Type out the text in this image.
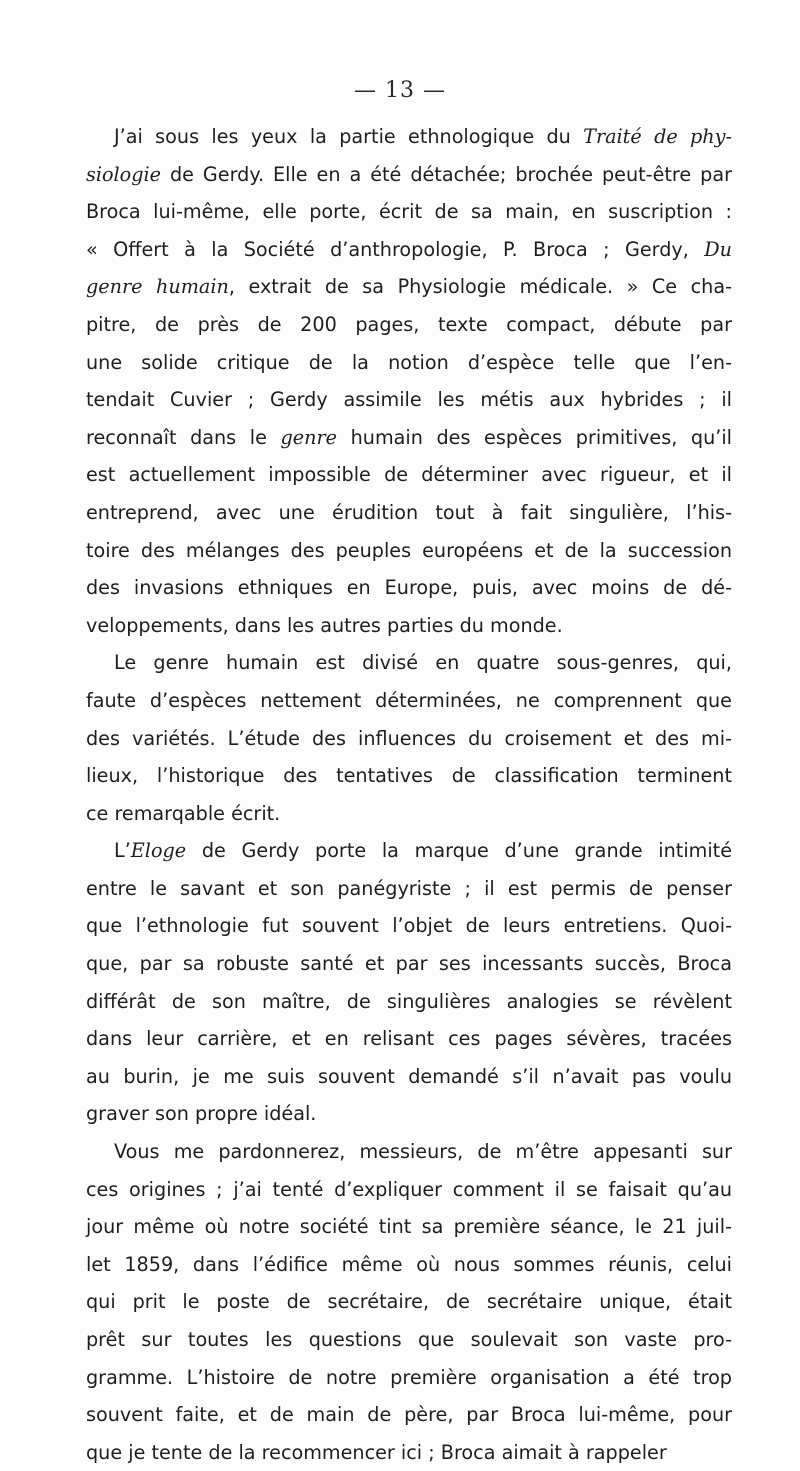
— 13 —
J’ai sous les yeux la partie ethnologique du Traité de phy-
siologie de Gerdy. Elle en a été détachée; brochée peut-être par
Broca lui-même, elle porte, écrit de sa main, en suscription :
« Offert à la Société d’anthropologie, P. Broca ; Gerdy, Du
genre humain, extrait de sa Physiologie médicale. » Ce cha-
pitre, de près de 200 pages, texte compact, débute par
une solide critique de la notion d’espèce telle que l’en-
tendait Cuvier ; Gerdy assimile les métis aux hybrides ; il
reconnaît dans le genre humain des espèces primitives, qu’il
est actuellement impossible de déterminer avec rigueur, et il
entreprend, avec une érudition tout à fait singulière, l’his-
toire des mélanges des peuples européens et de la succession
des invasions ethniques en Europe, puis, avec moins de dé-
veloppements, dans les autres parties du monde.
Le genre humain est divisé en quatre sous-genres, qui,
faute d’espèces nettement déterminées, ne comprennent que
des variétés. L’étude des influences du croisement et des mi-
lieux, l’historique des tentatives de classification terminent
ce remarqable écrit.
L’Eloge de Gerdy porte la marque d’une grande intimité
entre le savant et son panégyriste ; il est permis de penser
que l’ethnologie fut souvent l’objet de leurs entretiens. Quoi-
que, par sa robuste santé et par ses incessants succès, Broca
différât de son maître, de singulières analogies se révèlent
dans leur carrière, et en relisant ces pages sévères, tracées
au burin, je me suis souvent demandé s’il n’avait pas voulu
graver son propre idéal.
Vous me pardonnerez, messieurs, de m’être appesanti sur
ces origines ; j’ai tenté d’expliquer comment il se faisait qu’au
jour même où notre société tint sa première séance, le 21 juil-
let 1859, dans l’édifice même où nous sommes réunis, celui
qui prit le poste de secrétaire, de secrétaire unique, était
prêt sur toutes les questions que soulevait son vaste pro-
gramme. L’histoire de notre première organisation a été trop
souvent faite, et de main de père, par Broca lui-même, pour
que je tente de la recommencer ici ; Broca aimait à rappeler
